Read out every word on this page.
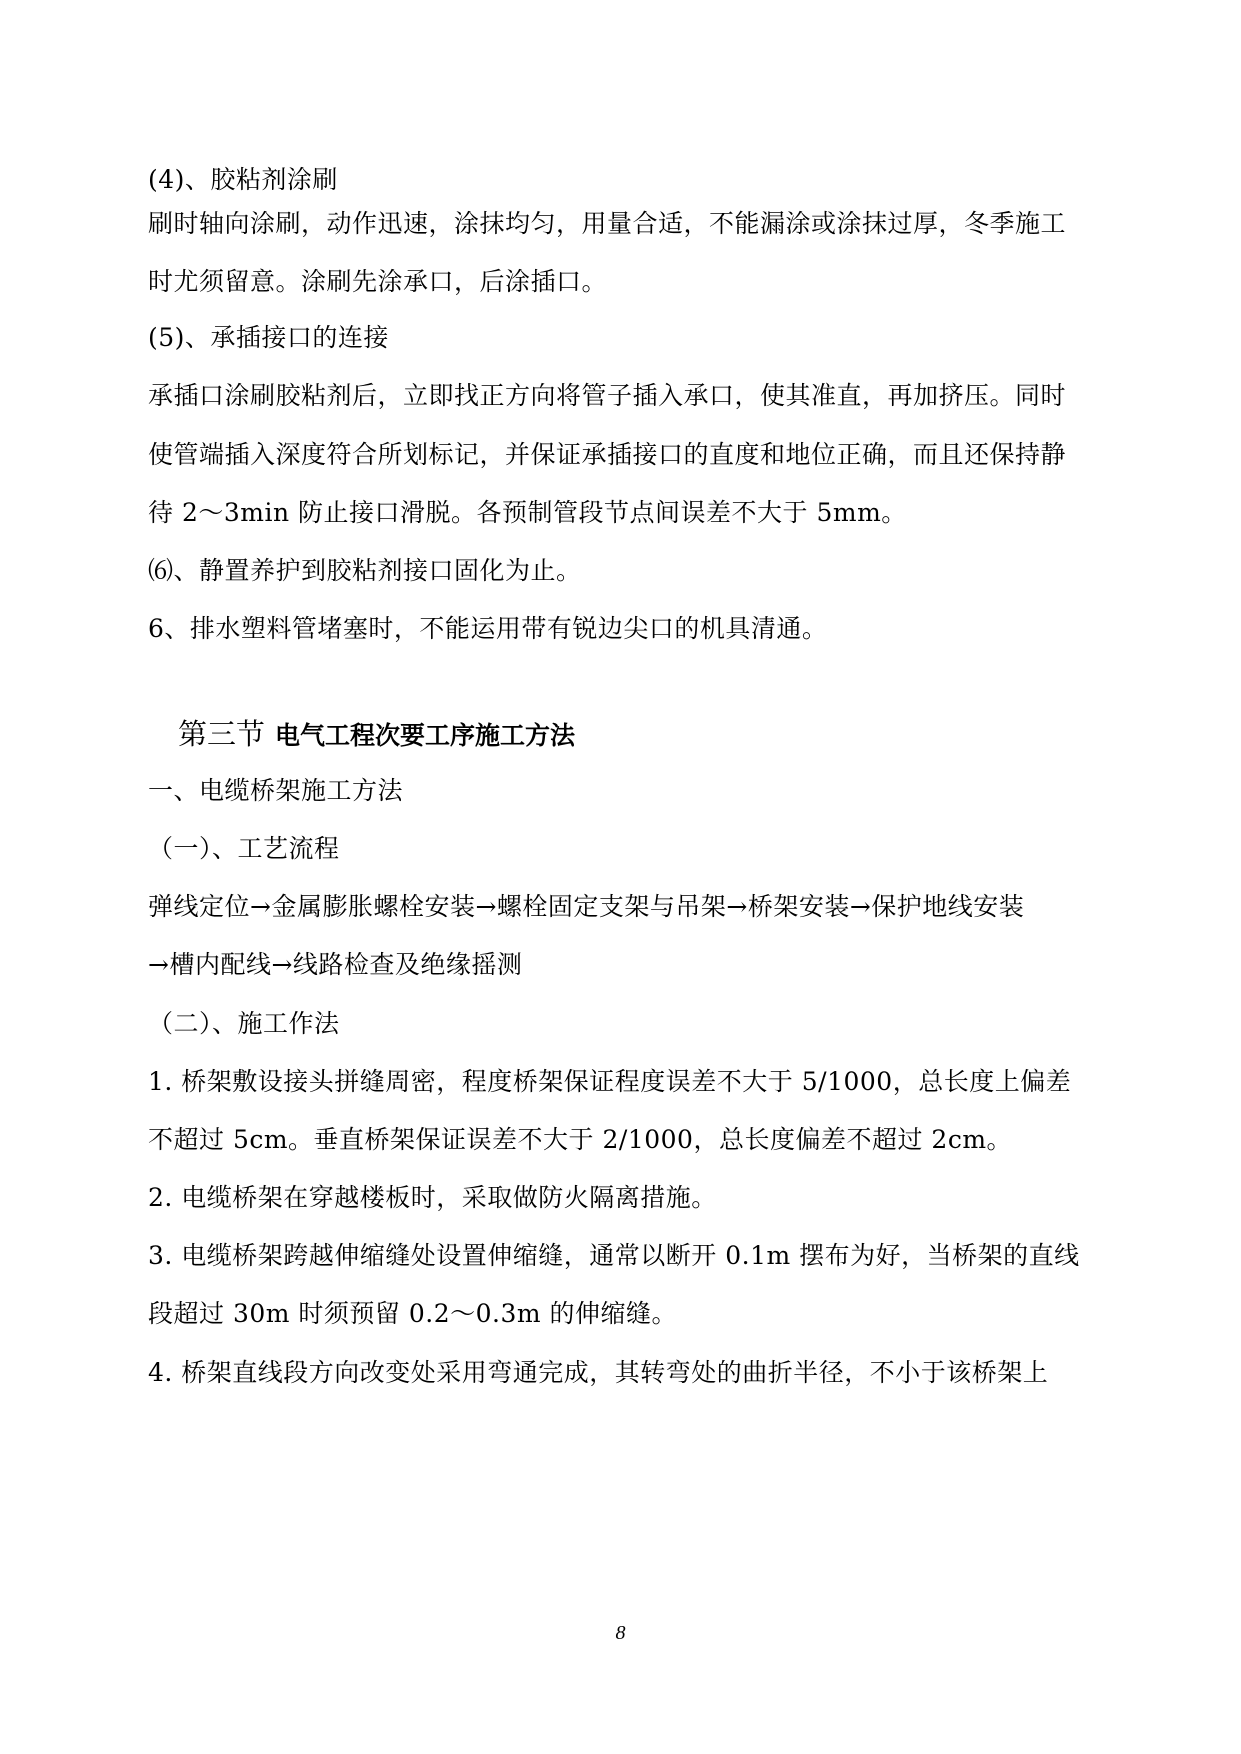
(4)、胶粘剂涂刷
刷时轴向涂刷，动作迅速，涂抹均匀，用量合适，不能漏涂或涂抹过厚，冬季施工
时尤须留意。涂刷先涂承口，后涂插口。
(5)、承插接口的连接
承插口涂刷胶粘剂后，立即找正方向将管子插入承口，使其准直，再加挤压。同时
使管端插入深度符合所划标记，并保证承插接口的直度和地位正确，而且还保持静
待 2～3min 防止接口滑脱。各预制管段节点间误差不大于 5mm。
⑹、静置养护到胶粘剂接口固化为止。
6、排水塑料管堵塞时，不能运用带有锐边尖口的机具清通。
第三节 电气工程次要工序施工方法
一、电缆桥架施工方法
（一）、工艺流程
弹线定位→金属膨胀螺栓安装→螺栓固定支架与吊架→桥架安装→保护地线安装
→槽内配线→线路检查及绝缘摇测
（二）、施工作法
1. 桥架敷设接头拼缝周密，程度桥架保证程度误差不大于 5/1000，总长度上偏差
不超过 5cm。垂直桥架保证误差不大于 2/1000，总长度偏差不超过 2cm。
2. 电缆桥架在穿越楼板时，采取做防火隔离措施。
3. 电缆桥架跨越伸缩缝处设置伸缩缝，通常以断开 0.1m 摆布为好，当桥架的直线
段超过 30m 时须预留 0.2～0.3m 的伸缩缝。
4. 桥架直线段方向改变处采用弯通完成，其转弯处的曲折半径，不小于该桥架上
8
